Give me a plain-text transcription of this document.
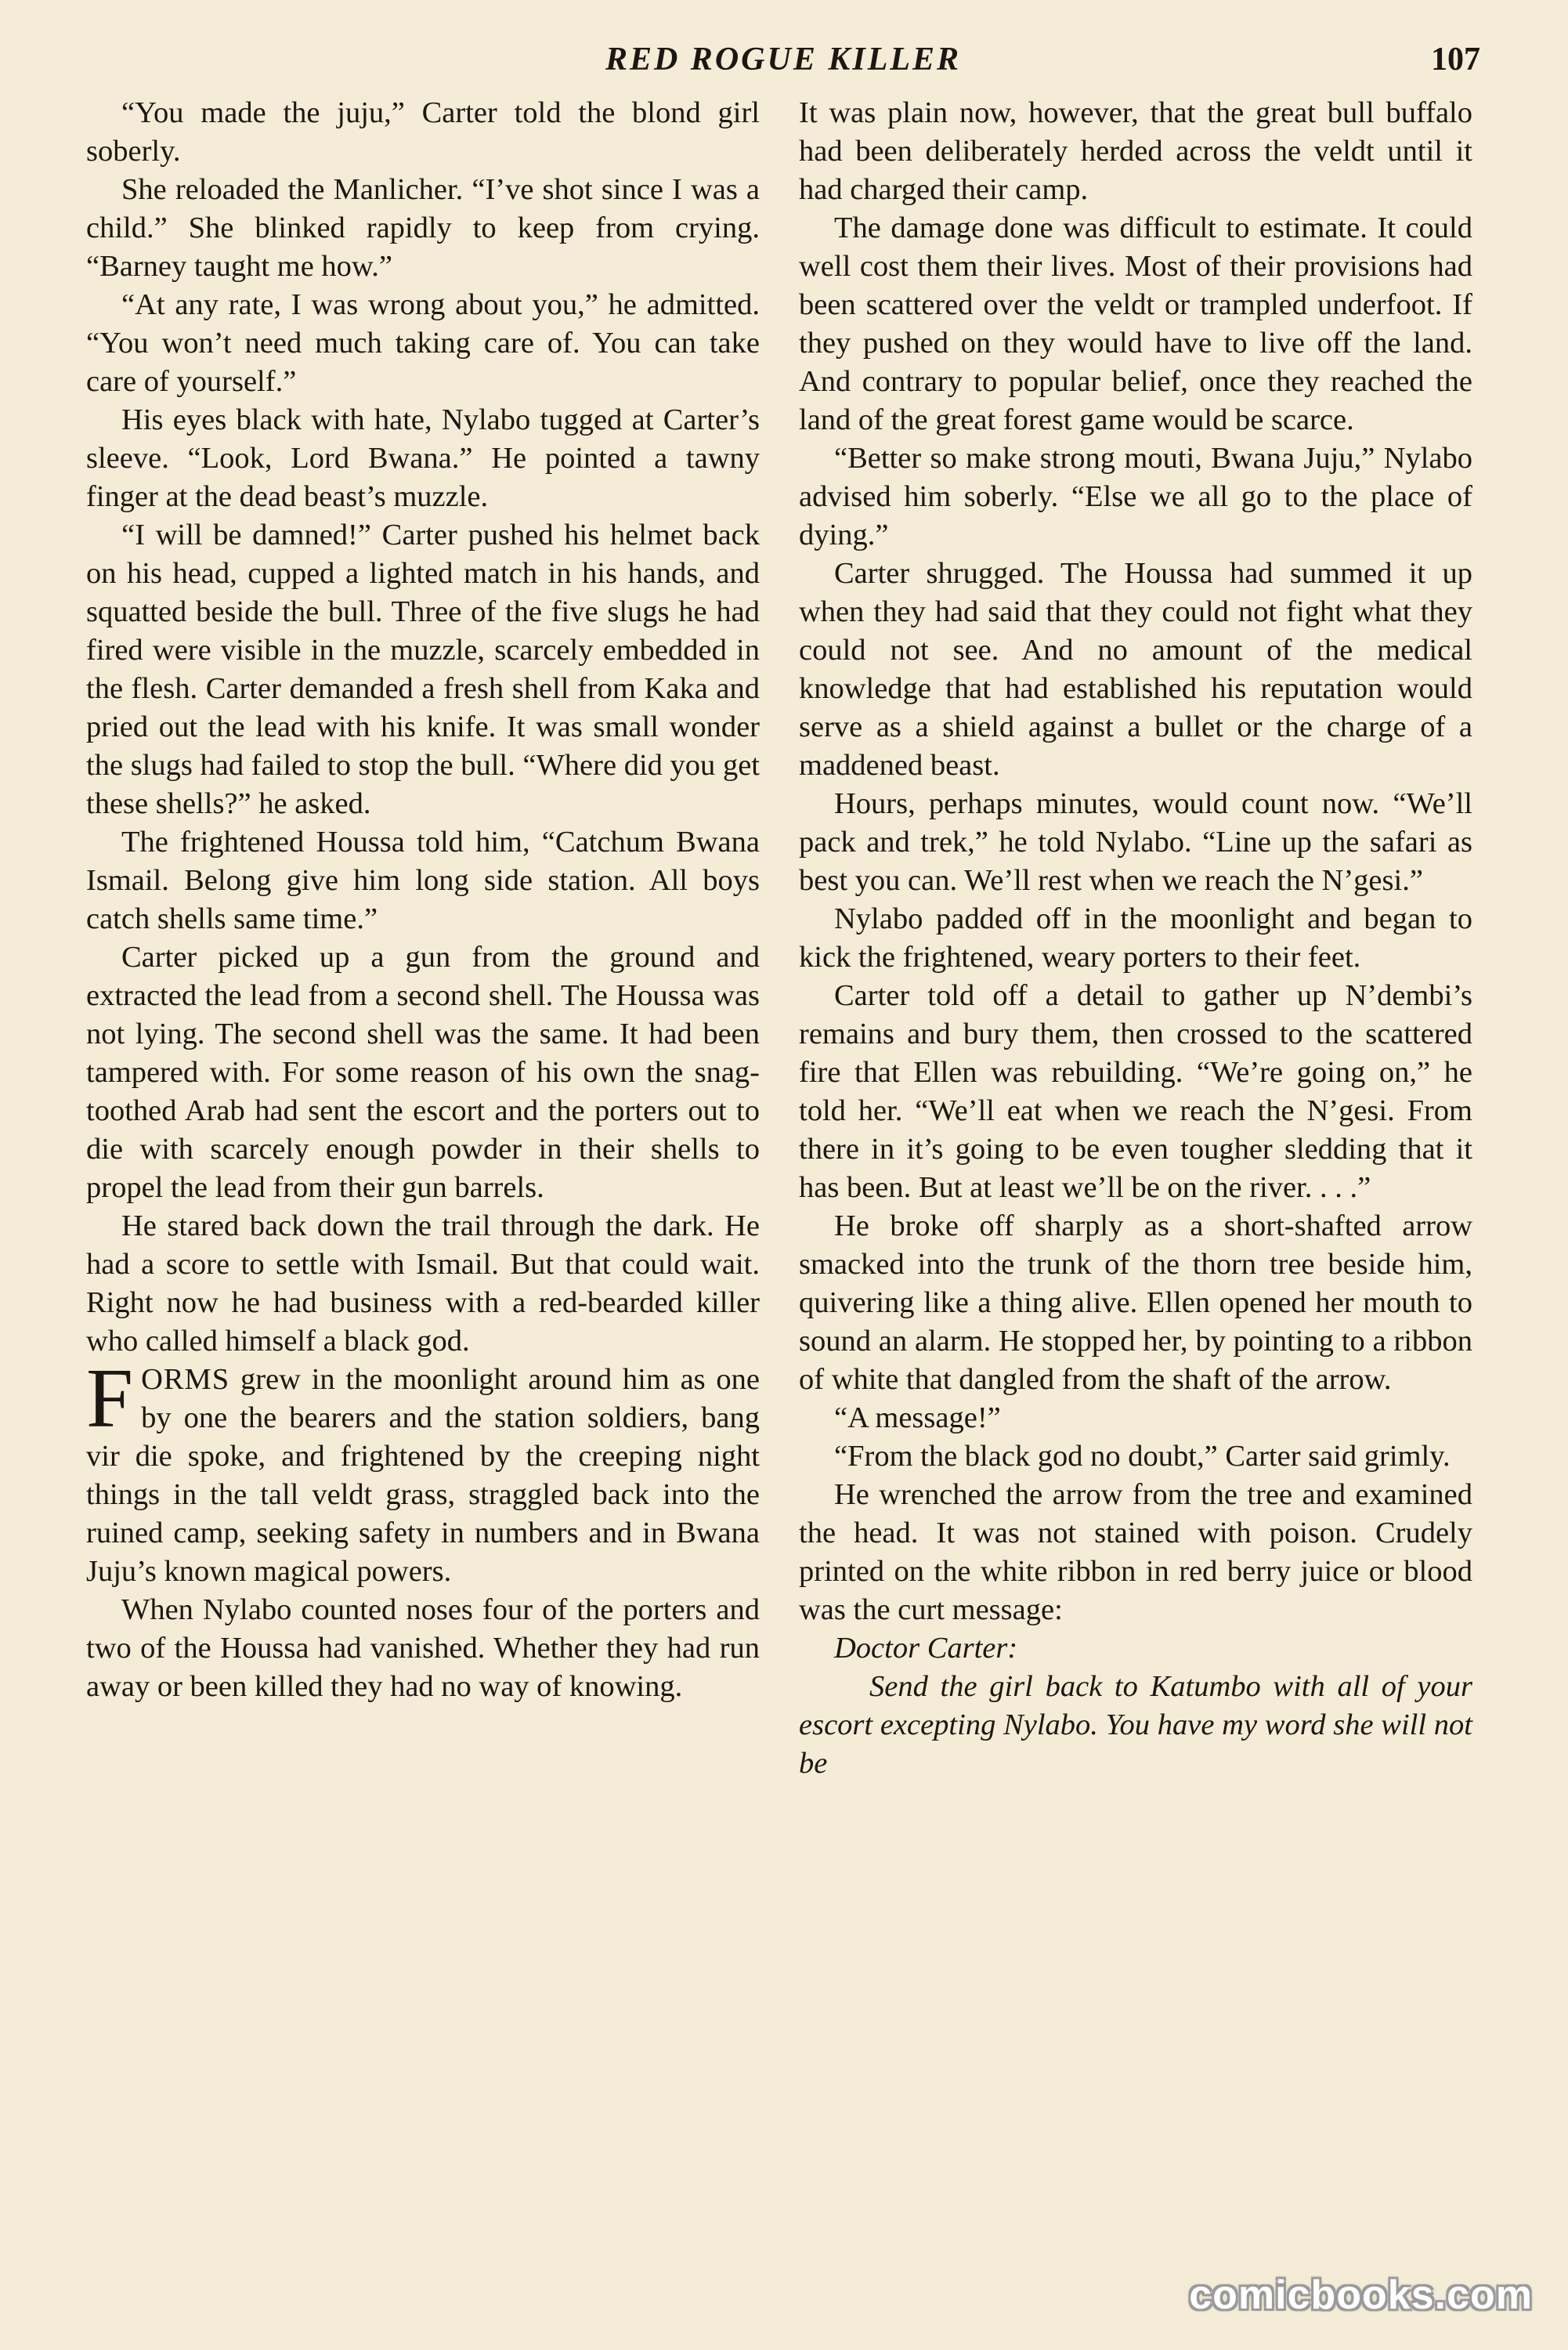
RED ROGUE KILLER	107

“You made the juju,” Carter told the blond girl soberly.

She reloaded the Manlicher. “I’ve shot since I was a child.” She blinked rapidly to keep from crying. “Barney taught me how.”

“At any rate, I was wrong about you,” he admitted. “You won’t need much taking care of. You can take care of yourself.”

His eyes black with hate, Nylabo tugged at Carter’s sleeve. “Look, Lord Bwana.” He pointed a tawny finger at the dead beast’s muzzle.

“I will be damned!” Carter pushed his helmet back on his head, cupped a lighted match in his hands, and squatted beside the bull. Three of the five slugs he had fired were visible in the muzzle, scarcely embedded in the flesh. Carter demanded a fresh shell from Kaka and pried out the lead with his knife. It was small wonder the slugs had failed to stop the bull. “Where did you get these shells?” he asked.

The frightened Houssa told him, “Catchum Bwana Ismail. Belong give him long side station. All boys catch shells same time.”

Carter picked up a gun from the ground and extracted the lead from a second shell. The Houssa was not lying. The second shell was the same. It had been tampered with. For some reason of his own the snag-toothed Arab had sent the escort and the porters out to die with scarcely enough powder in their shells to propel the lead from their gun barrels.

He stared back down the trail through the dark. He had a score to settle with Ismail. But that could wait. Right now he had business with a red-bearded killer who called himself a black god.

FORMS grew in the moonlight around him as one by one the bearers and the station soldiers, bang vir die spoke, and frightened by the creeping night things in the tall veldt grass, straggled back into the ruined camp, seeking safety in numbers and in Bwana Juju’s known magical powers.

When Nylabo counted noses four of the porters and two of the Houssa had vanished. Whether they had run away or been killed they had no way of knowing.

It was plain now, however, that the great bull buffalo had been deliberately herded across the veldt until it had charged their camp.

The damage done was difficult to estimate. It could well cost them their lives. Most of their provisions had been scattered over the veldt or trampled underfoot. If they pushed on they would have to live off the land. And contrary to popular belief, once they reached the land of the great forest game would be scarce.

“Better so make strong mouti, Bwana Juju,” Nylabo advised him soberly. “Else we all go to the place of dying.”

Carter shrugged. The Houssa had summed it up when they had said that they could not fight what they could not see. And no amount of the medical knowledge that had established his reputation would serve as a shield against a bullet or the charge of a maddened beast.

Hours, perhaps minutes, would count now. “We’ll pack and trek,” he told Nylabo. “Line up the safari as best you can. We’ll rest when we reach the N’gesi.”

Nylabo padded off in the moonlight and began to kick the frightened, weary porters to their feet.

Carter told off a detail to gather up N’dembi’s remains and bury them, then crossed to the scattered fire that Ellen was rebuilding. “We’re going on,” he told her. “We’ll eat when we reach the N’gesi. From there in it’s going to be even tougher sledding that it has been. But at least we’ll be on the river. . . .”

He broke off sharply as a short-shafted arrow smacked into the trunk of the thorn tree beside him, quivering like a thing alive. Ellen opened her mouth to sound an alarm. He stopped her, by pointing to a ribbon of white that dangled from the shaft of the arrow.

“A message!”

“From the black god no doubt,” Carter said grimly.

He wrenched the arrow from the tree and examined the head. It was not stained with poison. Crudely printed on the white ribbon in red berry juice or blood was the curt message:

Doctor Carter:

Send the girl back to Katumbo with all of your escort excepting Nylabo. You have my word she will not be

comicbooks.com
